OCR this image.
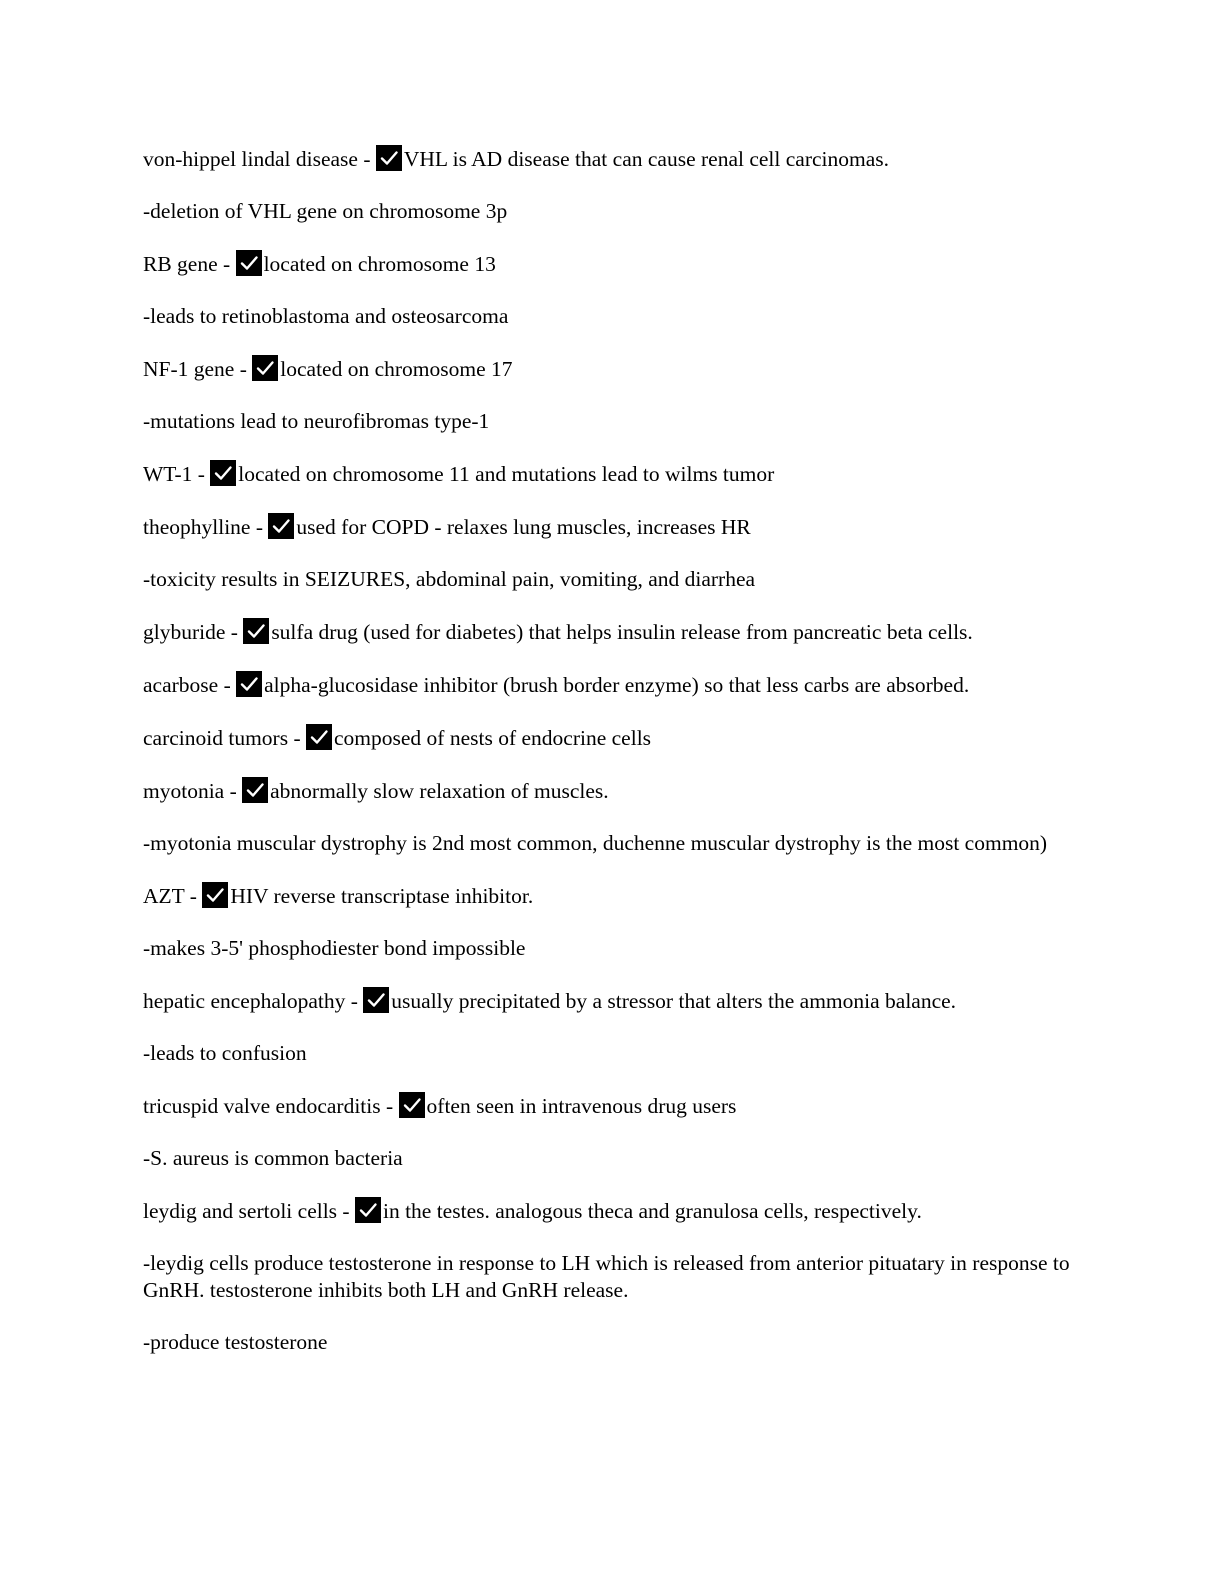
von-hippel lindal disease -
VHL is AD disease that can cause renal cell carcinomas.
-deletion of VHL gene on chromosome 3p
RB gene -
located on chromosome 13
-leads to retinoblastoma and osteosarcoma
NF-1 gene -
located on chromosome 17
-mutations lead to neurofibromas type-1
WT-1 -
located on chromosome 11 and mutations lead to wilms tumor
theophylline -
used for COPD - relaxes lung muscles, increases HR
-toxicity results in SEIZURES, abdominal pain, vomiting, and diarrhea
glyburide -
sulfa drug (used for diabetes) that helps insulin release from pancreatic beta cells.
acarbose -
alpha-glucosidase inhibitor (brush border enzyme) so that less carbs are absorbed.
carcinoid tumors -
composed of nests of endocrine cells
myotonia -
abnormally slow relaxation of muscles.
-myotonia muscular dystrophy is 2nd most common, duchenne muscular dystrophy is the most common)
AZT -
HIV reverse transcriptase inhibitor.
-makes 3-5' phosphodiester bond impossible
hepatic encephalopathy -
usually precipitated by a stressor that alters the ammonia balance.
-leads to confusion
tricuspid valve endocarditis -
often seen in intravenous drug users
-S. aureus is common bacteria
leydig and sertoli cells -
in the testes. analogous theca and granulosa cells, respectively.
-leydig cells produce testosterone in response to LH which is released from anterior pituatary in response to GnRH. testosterone inhibits both LH and GnRH release.
-produce testosterone
